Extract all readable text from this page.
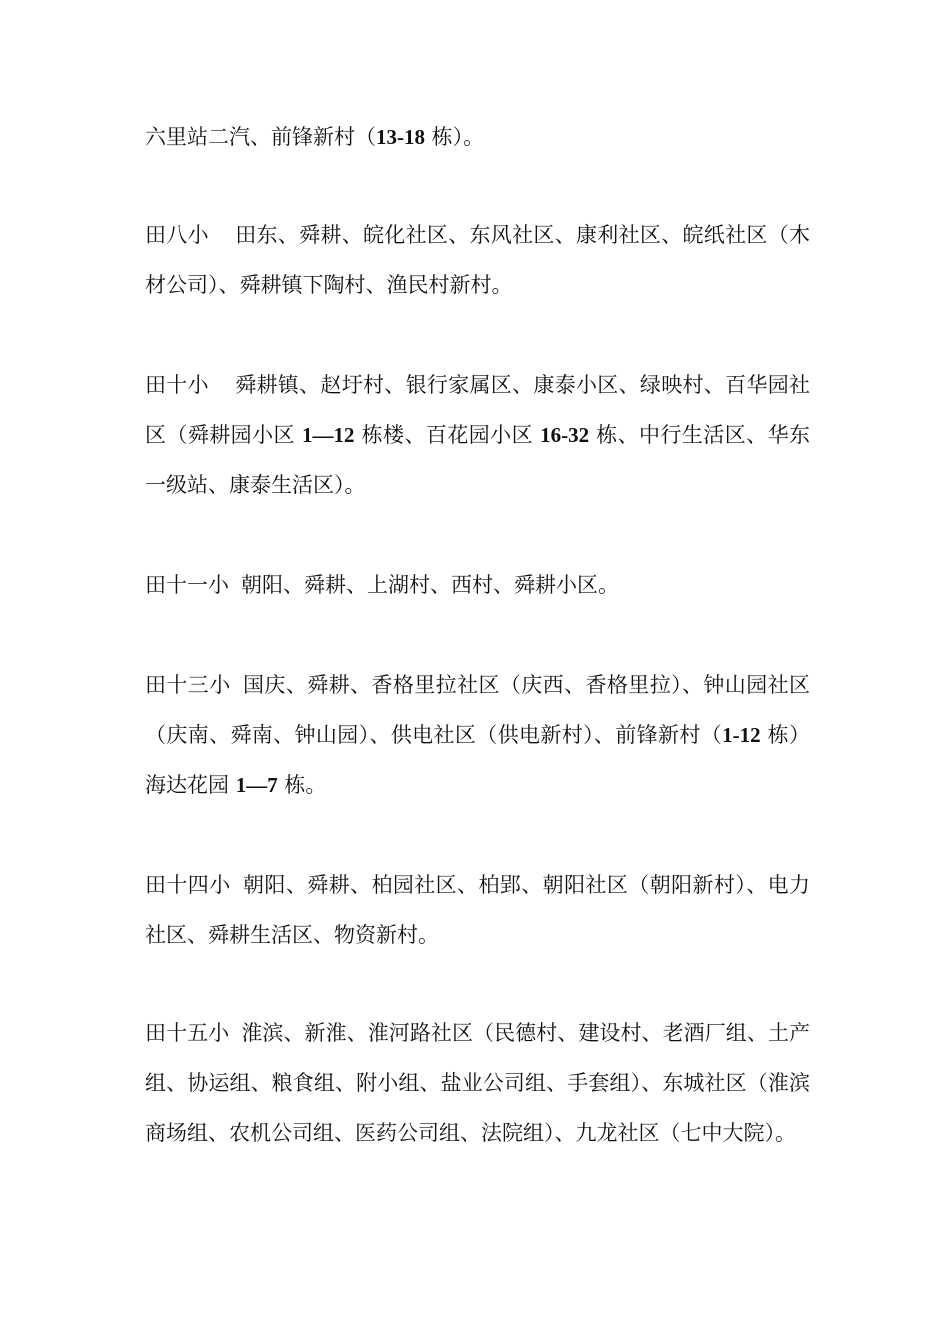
六里站二汽、前锋新村（13-18 栋）。

田八小 田东、舜耕、皖化社区、东风社区、康利社区、皖纸社区（木材公司）、舜耕镇下陶村、渔民村新村。

田十小 舜耕镇、赵圩村、银行家属区、康泰小区、绿映村、百华园社区（舜耕园小区 1—12 栋楼、百花园小区 16-32 栋、中行生活区、华东一级站、康泰生活区）。

田十一小 朝阳、舜耕、上湖村、西村、舜耕小区。

田十三小 国庆、舜耕、香格里拉社区（庆西、香格里拉）、钟山园社区（庆南、舜南、钟山园）、供电社区（供电新村）、前锋新村（1-12 栋）海达花园 1—7 栋。

田十四小 朝阳、舜耕、柏园社区、柏郢、朝阳社区（朝阳新村）、电力社区、舜耕生活区、物资新村。

田十五小 淮滨、新淮、淮河路社区（民德村、建设村、老酒厂组、土产组、协运组、粮食组、附小组、盐业公司组、手套组）、东城社区（淮滨商场组、农机公司组、医药公司组、法院组）、九龙社区（七中大院）。
